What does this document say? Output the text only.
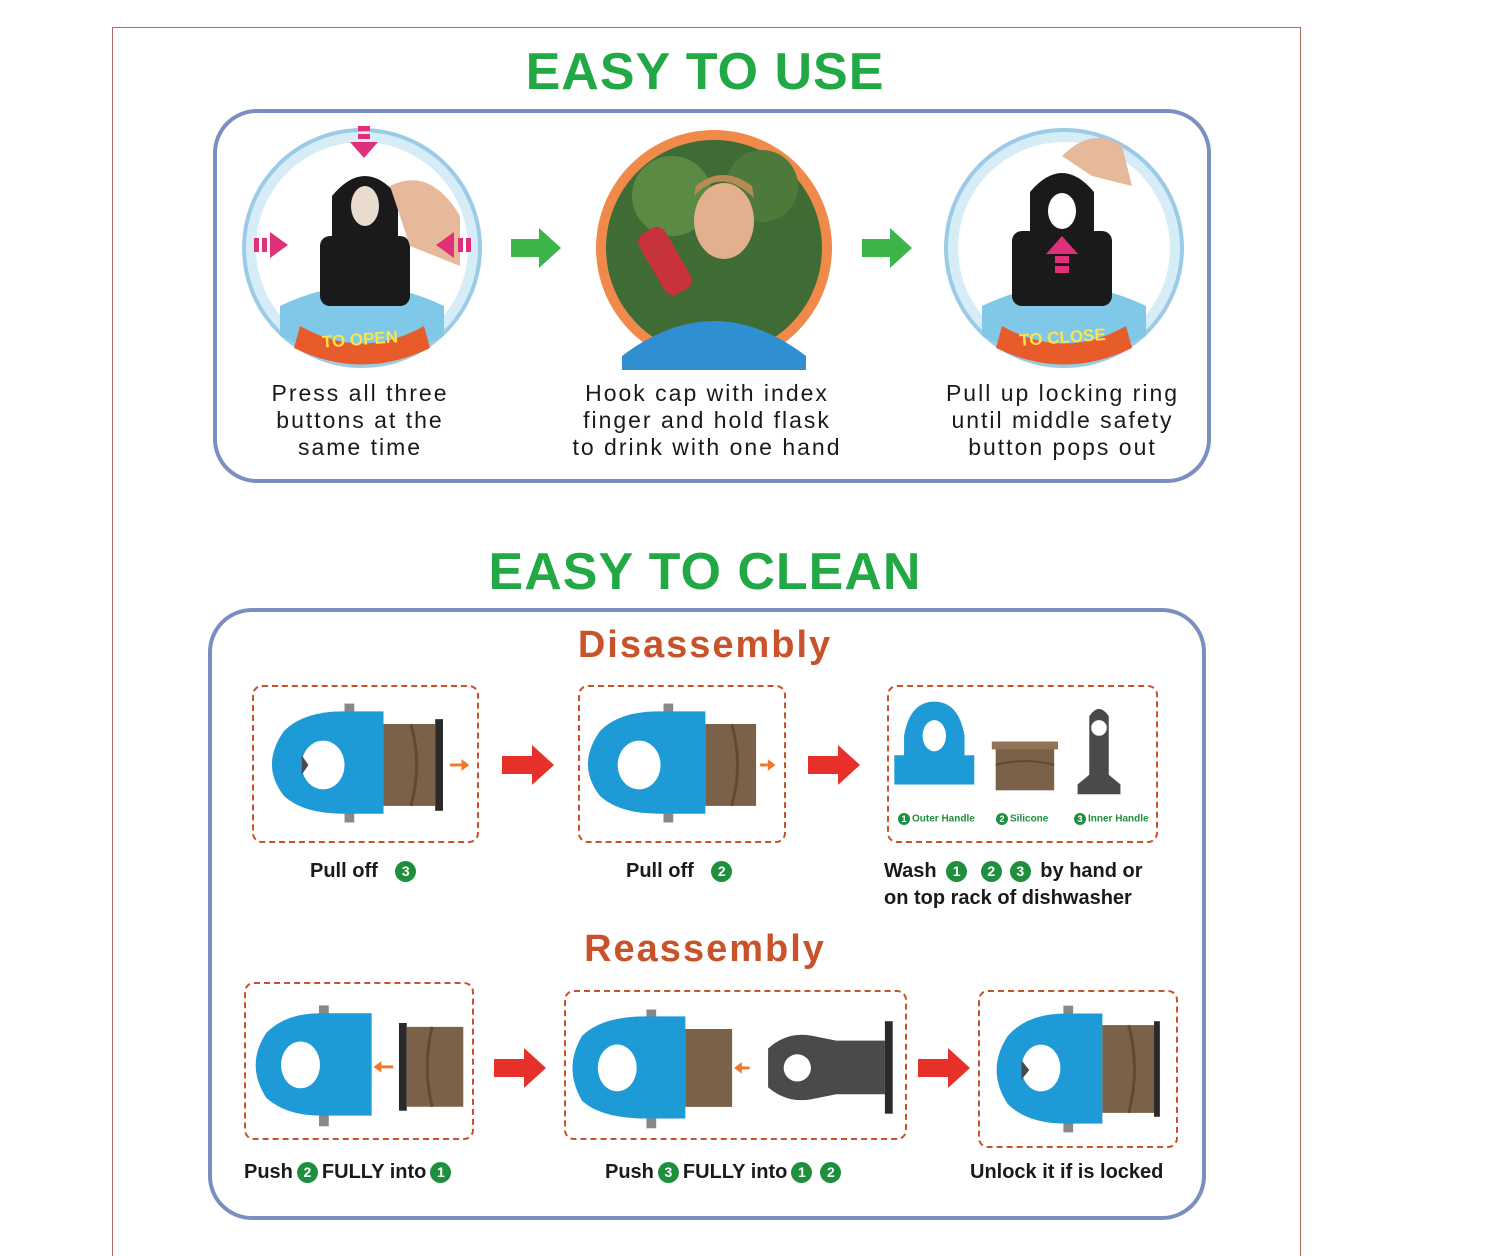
EASY TO USE
TO OPEN	TO CLOSE
Press all three
buttons at the
same time
Hook cap with index
finger and hold flask
to drink with one hand
Pull up locking ring
until middle safety
button pops out
EASY TO CLEAN
Disassembly
1 Outer Handle	2 Silicone	3 Inner Handle
Pull off 3	Pull off 2	Wash 1 2 3 by hand or
on top rack of dishwasher
Reassembly
Push 2 FULLY into 1	Push 3 FULLY into 1 2	Unlock it if is locked
